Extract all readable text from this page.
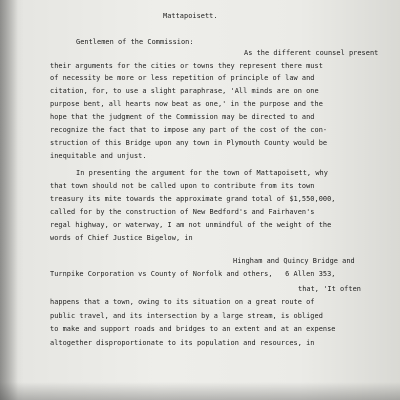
Mattapoisett.
Gentlemen of the Commission:
As the different counsel present
their arguments for the cities or towns they represent there must
of necessity be more or less repetition of principle of law and
citation, for, to use a slight paraphrase, 'All minds are on one
purpose bent, all hearts now beat as one,' in the purpose and the
hope that the judgment of the Commission may be directed to and
recognize the fact that to impose any part of the cost of the con-
struction of this Bridge upon any town in Plymouth County would be
inequitable and unjust.
In presenting the argument for the town of Mattapoisett, why
that town should not be called upon to contribute from its town
treasury its mite towards the approximate grand total of $1,550,000,
called for by the construction of New Bedford's and Fairhaven's
regal highway, or waterway, I am not unmindful of the weight of the
words of Chief Justice Bigelow, in
Hingham and Quincy Bridge and
Turnpike Corporation vs County of Norfolk and others,   6 Allen 353,
that, 'It often
happens that a town, owing to its situation on a great route of
public travel, and its intersection by a large stream, is obliged
to make and support roads and bridges to an extent and at an expense
altogether disproportionate to its population and resources, in
